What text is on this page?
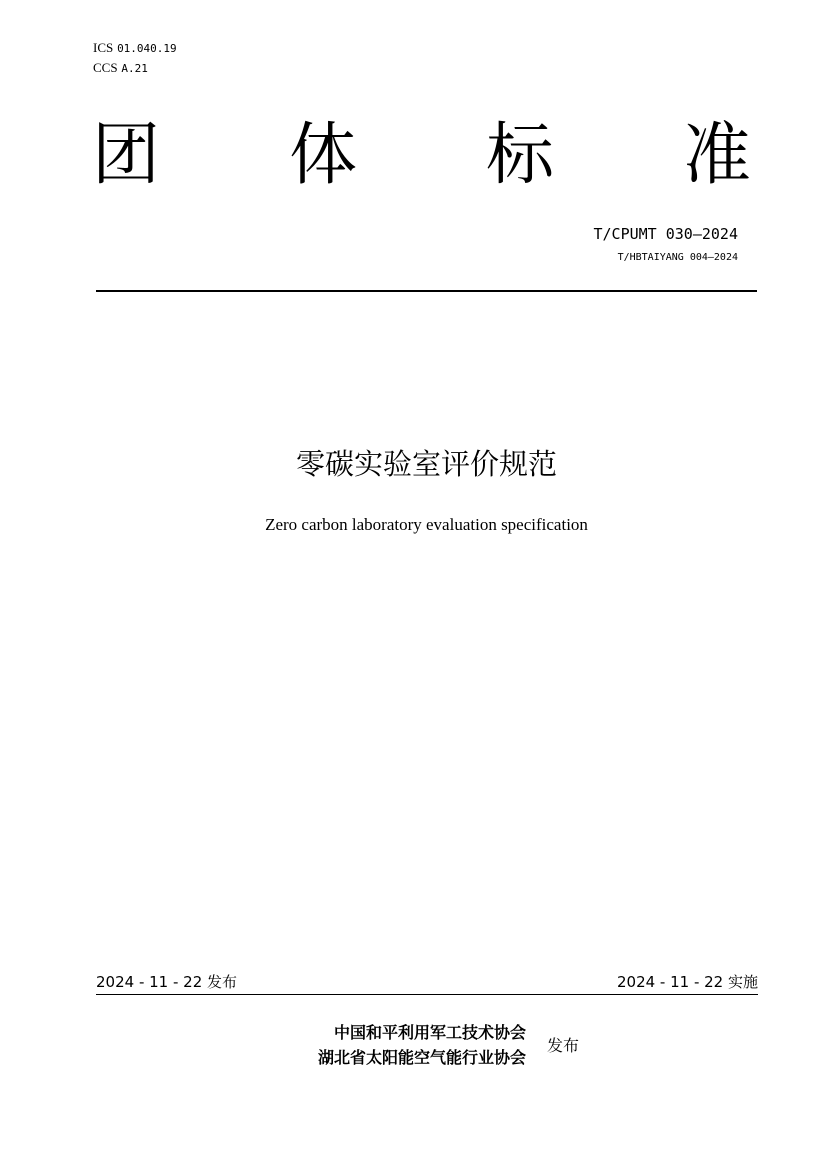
ICS 01.040.19
CCS A.21
团 体 标 准
T/CPUMT 030—2024
T/HBTAIYANG 004—2024
零碳实验室评价规范
Zero carbon laboratory evaluation specification
2024 - 11 - 22 发布	2024 - 11 - 22 实施
中国和平利用军工技术协会
湖北省太阳能空气能行业协会
发布
